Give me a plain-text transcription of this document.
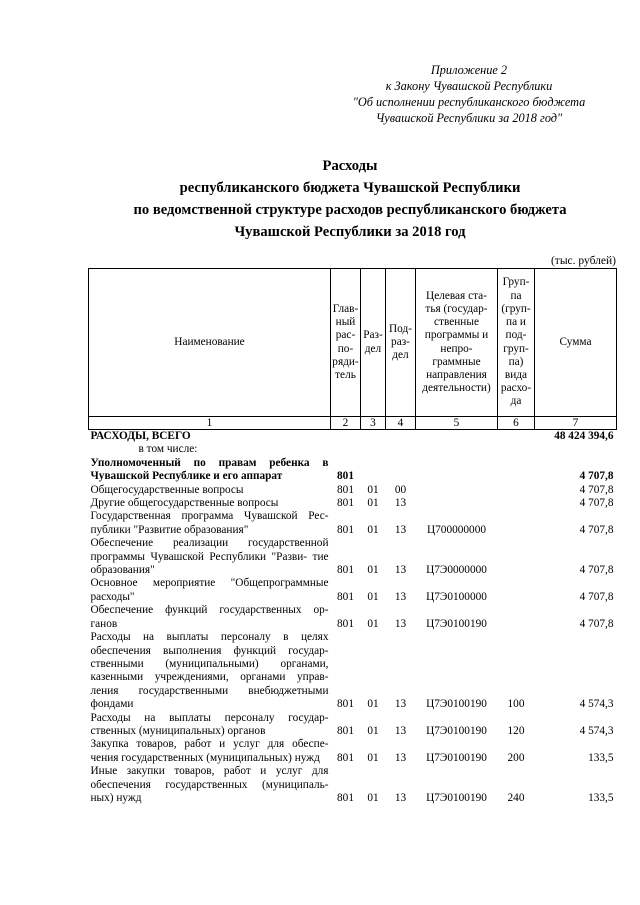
Приложение 2
к Закону Чувашской Республики
"Об исполнении республиканского бюджета
Чувашской Республики за 2018 год"
Расходы
республиканского бюджета Чувашской Республики
по ведомственной структуре расходов республиканского бюджета
Чувашской Республики за 2018 год
(тыс. рублей)
Наименование	Глав- ный рас- по- ряди- тель	Раз- дел	Под- раз- дел	Целевая ста- тья (государ- ственные программы и непро- граммные направления деятельности)	Груп- па (груп- па и под- груп- па) вида расхо- да	Сумма
1	2	3	4	5	6	7
РАСХОДЫ, ВСЕГО						48 424 394,6
в том числе:						
Уполномоченный по правам ребенка в Чувашской Республике и его аппарат	801					4 707,8
Общегосударственные вопросы	801	01	00			4 707,8
Другие общегосударственные вопросы	801	01	13			4 707,8
Государственная программа Чувашской Рес- публики "Развитие образования"	801	01	13	Ц700000000		4 707,8
Обеспечение реализации государственной программы Чувашской Республики "Разви- тие образования"	801	01	13	Ц7Э0000000		4 707,8
Основное мероприятие "Общепрограммные расходы"	801	01	13	Ц7Э0100000		4 707,8
Обеспечение функций государственных ор- ганов	801	01	13	Ц7Э0100190		4 707,8
Расходы на выплаты персоналу в целях обеспечения выполнения функций государ- ственными (муниципальными) органами, казенными учреждениями, органами управ- ления государственными внебюджетными фондами	801	01	13	Ц7Э0100190	100	4 574,3
Расходы на выплаты персоналу государ- ственных (муниципальных) органов	801	01	13	Ц7Э0100190	120	4 574,3
Закупка товаров, работ и услуг для обеспе- чения государственных (муниципальных) нужд	801	01	13	Ц7Э0100190	200	133,5
Иные закупки товаров, работ и услуг для обеспечения государственных (муниципаль- ных) нужд	801	01	13	Ц7Э0100190	240	133,5
